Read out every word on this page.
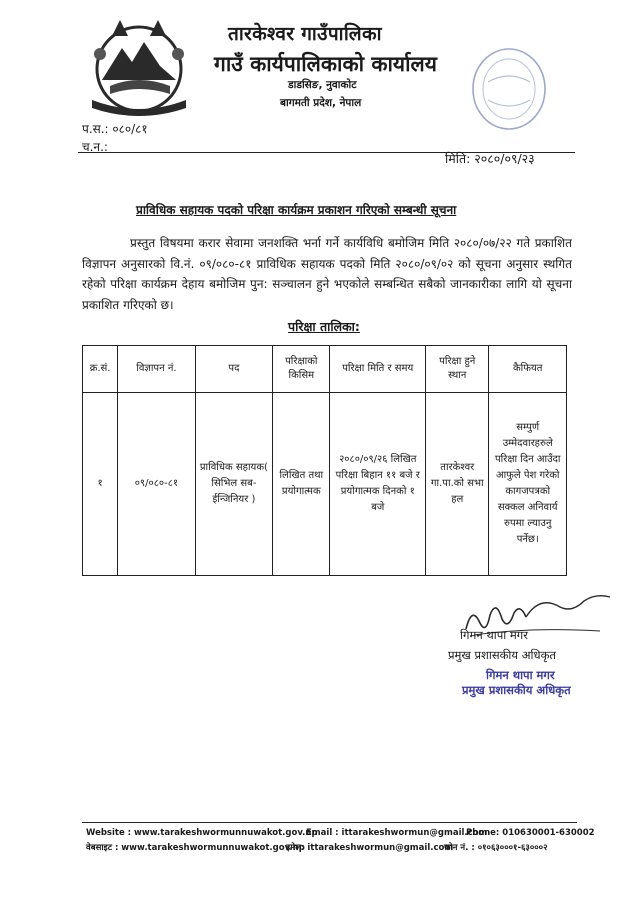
तारकेश्वर गाउँपालिका
गाउँ कार्यपालिकाको कार्यालय
डाडसिङ, नुवाकोट
बागमती प्रदेश, नेपाल
प.स.: ०८०/८१
च.न.:
मिति: २०८०/०९/२३
प्राविधिक सहायक पदको परिक्षा कार्यक्रम प्रकाशन गरिएको सम्बन्धी सूचना
प्रस्तुत विषयमा करार सेवामा जनशक्ति भर्ना गर्ने कार्यविधि बमोजिम मिति २०८०/०७/२२ गते प्रकाशित विज्ञापन अनुसारको वि.नं. ०९/०८०-८१ प्राविधिक सहायक पदको मिति २०८०/०९/०२ को सूचना अनुसार स्थगित रहेको परिक्षा कार्यक्रम देहाय बमोजिम पुन: सञ्चालन हुने भएकोले सम्बन्धित सबैको जानकारीका लागि यो सूचना प्रकाशित गरिएको छ।
परिक्षा तालिका:
क्र.सं.	विज्ञापन नं.	पद	परिक्षाको किसिम	परिक्षा मिति र समय	परिक्षा हुने स्थान	कैफियत
१	०९/०८०-८१	प्राविधिक सहायक( सिभिल सब-ईन्जिनियर )	लिखित तथा प्रयोगात्मक	२०८०/०९/२६ लिखित परिक्षा बिहान ११ बजे र प्रयोगात्मक दिनको १ बजे	तारकेश्वर गा.पा.को सभा हल	सम्पुर्ण उम्मेदवारहरुले परिक्षा दिन आउँदा आफुले पेश गरेको कागजपत्रको सक्कल अनिवार्य रुपमा ल्याउनु पर्नेछ।
गिमन थापा मगर
प्रमुख प्रशासकीय अधिकृत
गिमन थापा मगर
प्रमुख प्रशासकीय अधिकृत
Website : www.tarakeshwormunnuwakot.gov.np
Email : ittarakeshwormun@gmail.com
Phone: 010630001-630002
वेबसाइट : www.tarakeshwormunnuwakot.gov.np
इमेल: ittarakeshwormun@gmail.com
फोन नं. : ०१०६३०००१-६३०००२
